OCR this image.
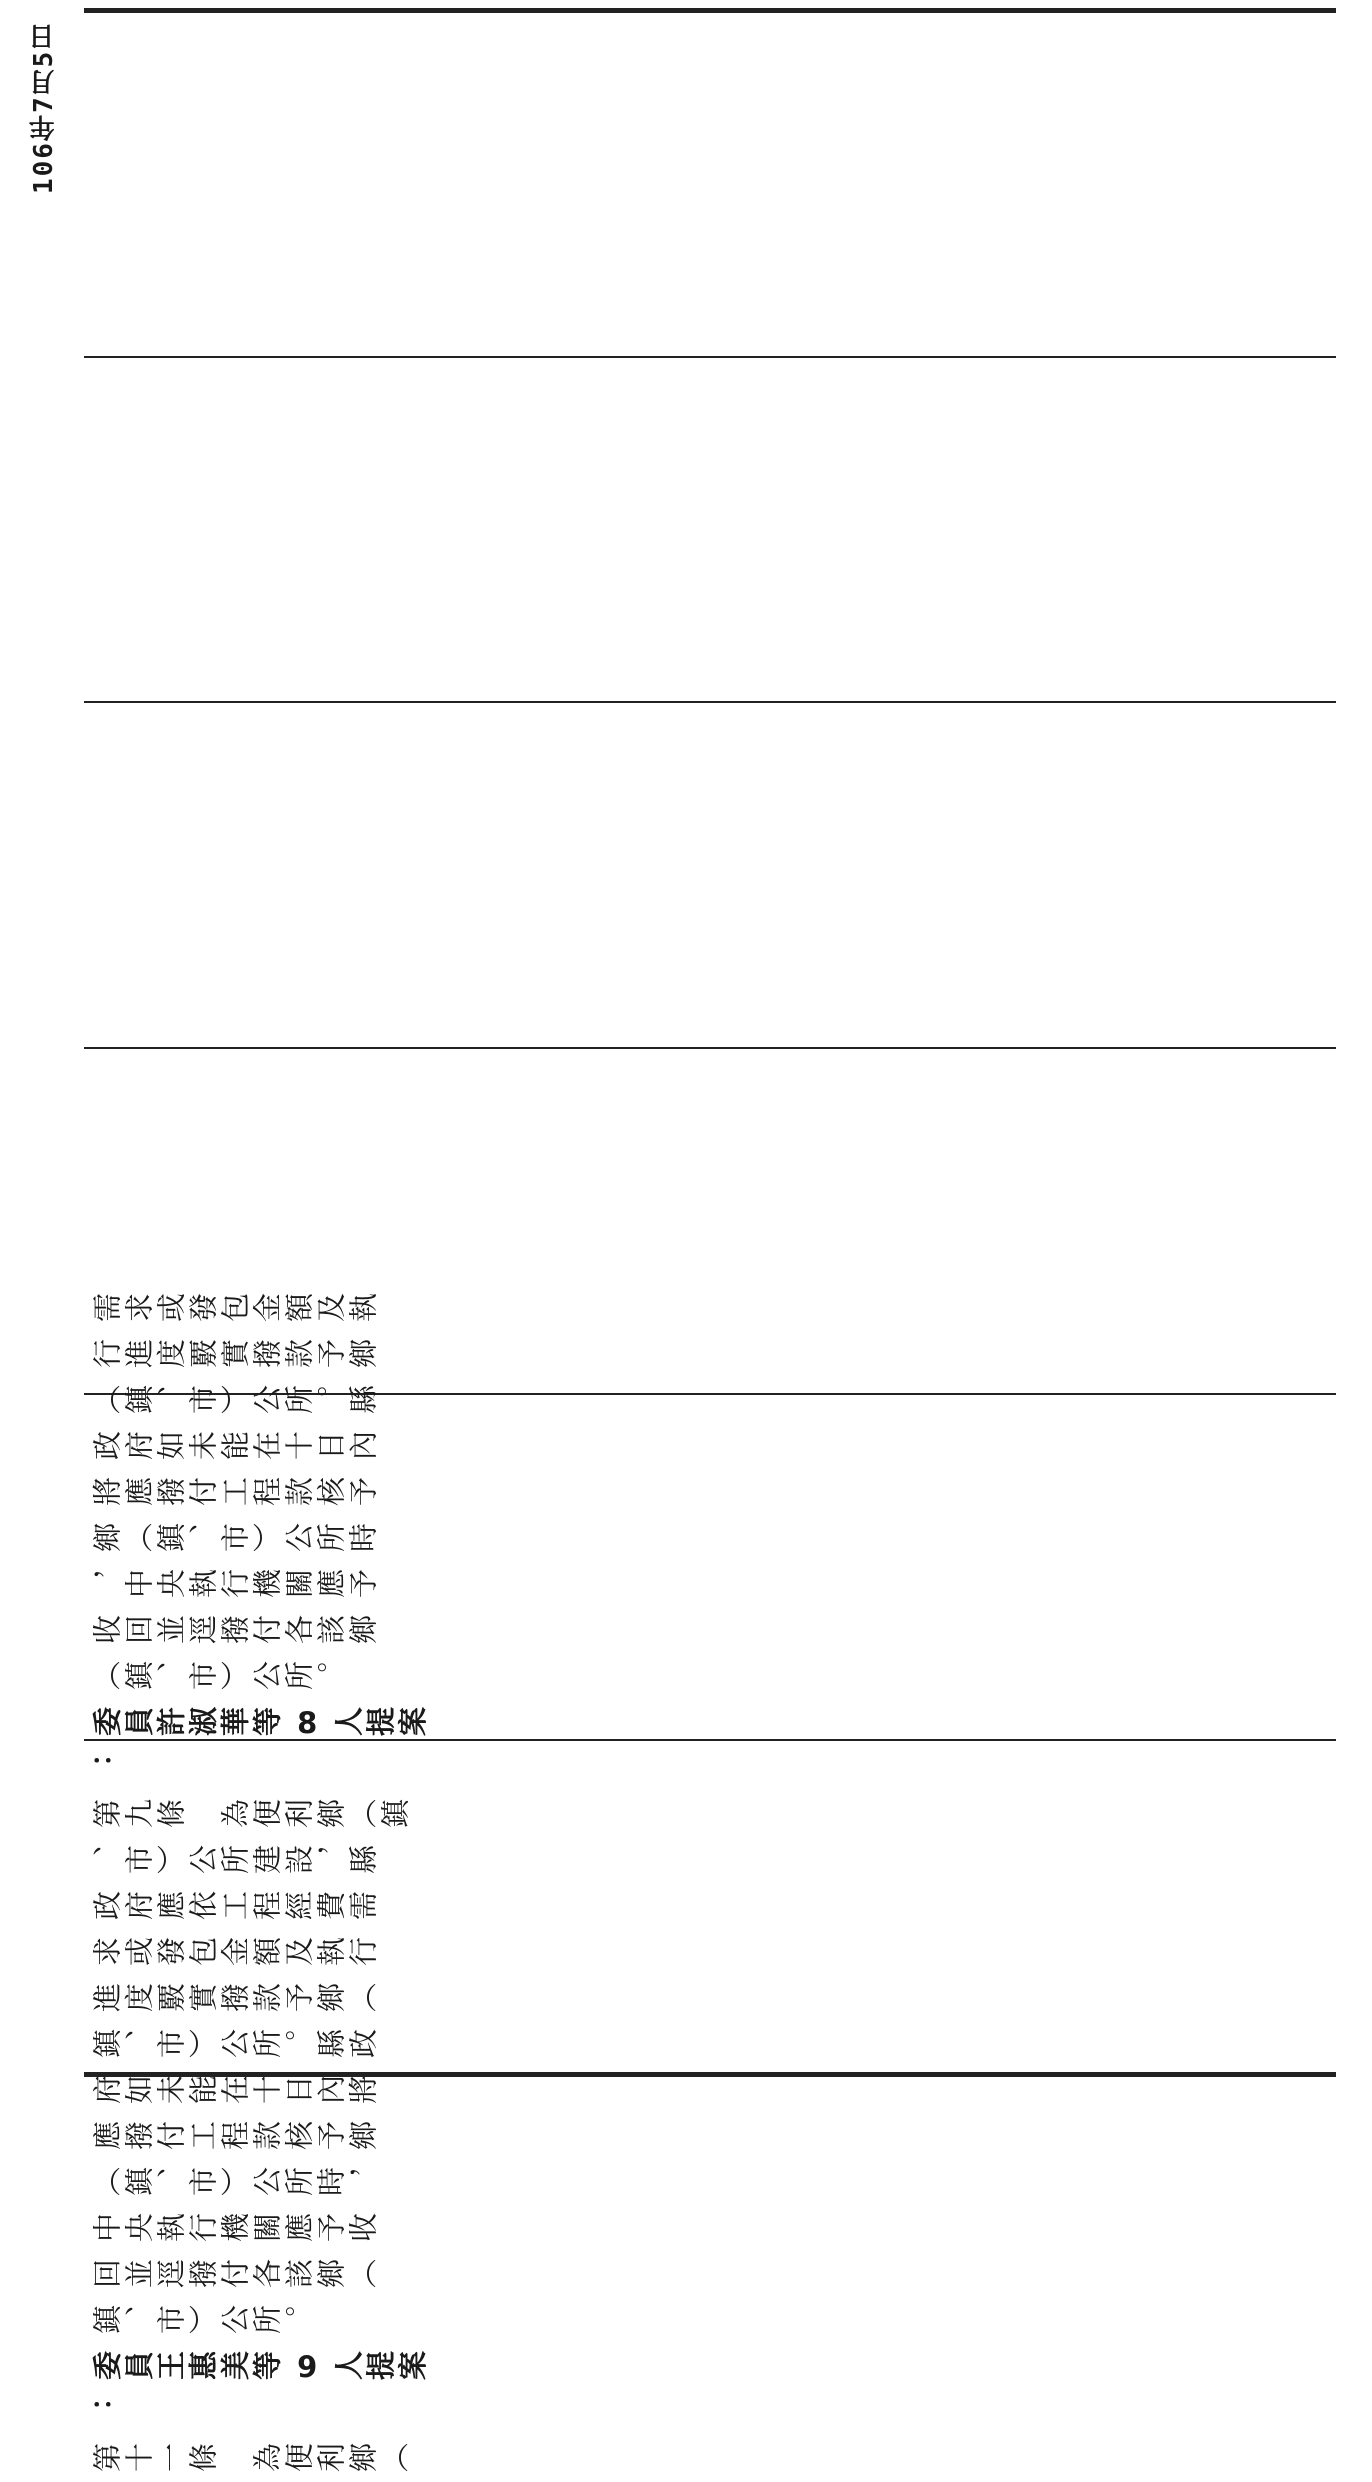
106年7月5日
需求或發包金額及執
行進度覈實撥款予鄉
（鎮、市）公所。縣
政府如未能在十日內
將應撥付工程款核予
鄉（鎮、市）公所時
，中央執行機關應予
收回並逕撥付各該鄉
（鎮、市）公所。
委員許淑華等 8 人提案
：
第九條　為便利鄉（鎮
、市）公所建設，縣
政府應依工程經費需
求或發包金額及執行
進度覈實撥款予鄉（
鎮、市）公所。縣政
府如未能在十日內將
應撥付工程款核予鄉
（鎮、市）公所時，
中央執行機關應予收
回並逕撥付各該鄉（
鎮、市）公所。
委員王惠美等 9 人提案
：
第十一條　為便利鄉（
